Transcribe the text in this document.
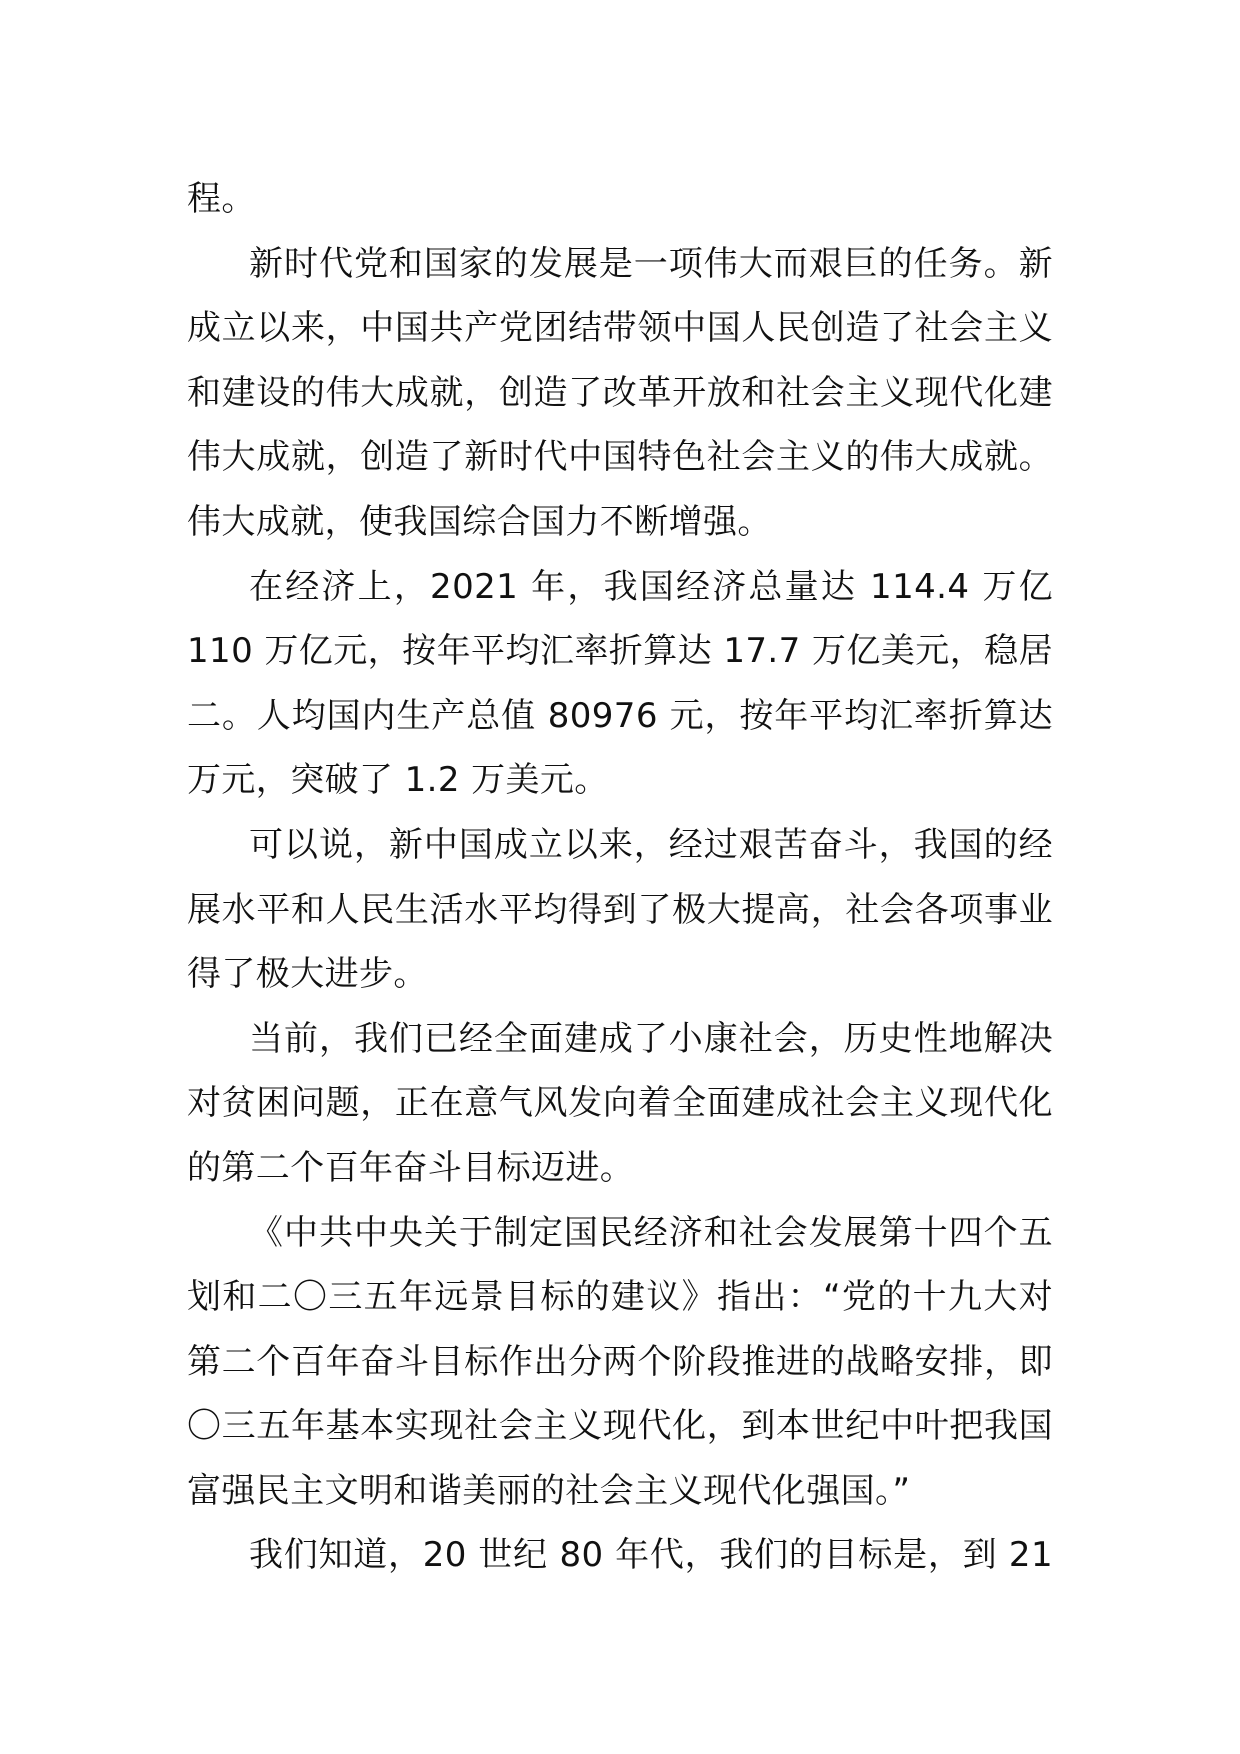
程。
新时代党和国家的发展是一项伟大而艰巨的任务。新
成立以来，中国共产党团结带领中国人民创造了社会主义
和建设的伟大成就，创造了改革开放和社会主义现代化建
伟大成就，创造了新时代中国特色社会主义的伟大成就。
伟大成就，使我国综合国力不断增强。
在经济上，2021 年，我国经济总量达 114.4 万亿
110 万亿元，按年平均汇率折算达 17.7 万亿美元，稳居
二。人均国内生产总值 80976 元，按年平均汇率折算达
万元，突破了 1.2 万美元。
可以说，新中国成立以来，经过艰苦奋斗，我国的经
展水平和人民生活水平均得到了极大提高，社会各项事业
得了极大进步。
当前，我们已经全面建成了小康社会，历史性地解决
对贫困问题，正在意气风发向着全面建成社会主义现代化
的第二个百年奋斗目标迈进。
《中共中央关于制定国民经济和社会发展第十四个五
划和二〇三五年远景目标的建议》指出：“党的十九大对
第二个百年奋斗目标作出分两个阶段推进的战略安排，即
〇三五年基本实现社会主义现代化，到本世纪中叶把我国
富强民主文明和谐美丽的社会主义现代化强国。”
我们知道，20 世纪 80 年代，我们的目标是，到 21
